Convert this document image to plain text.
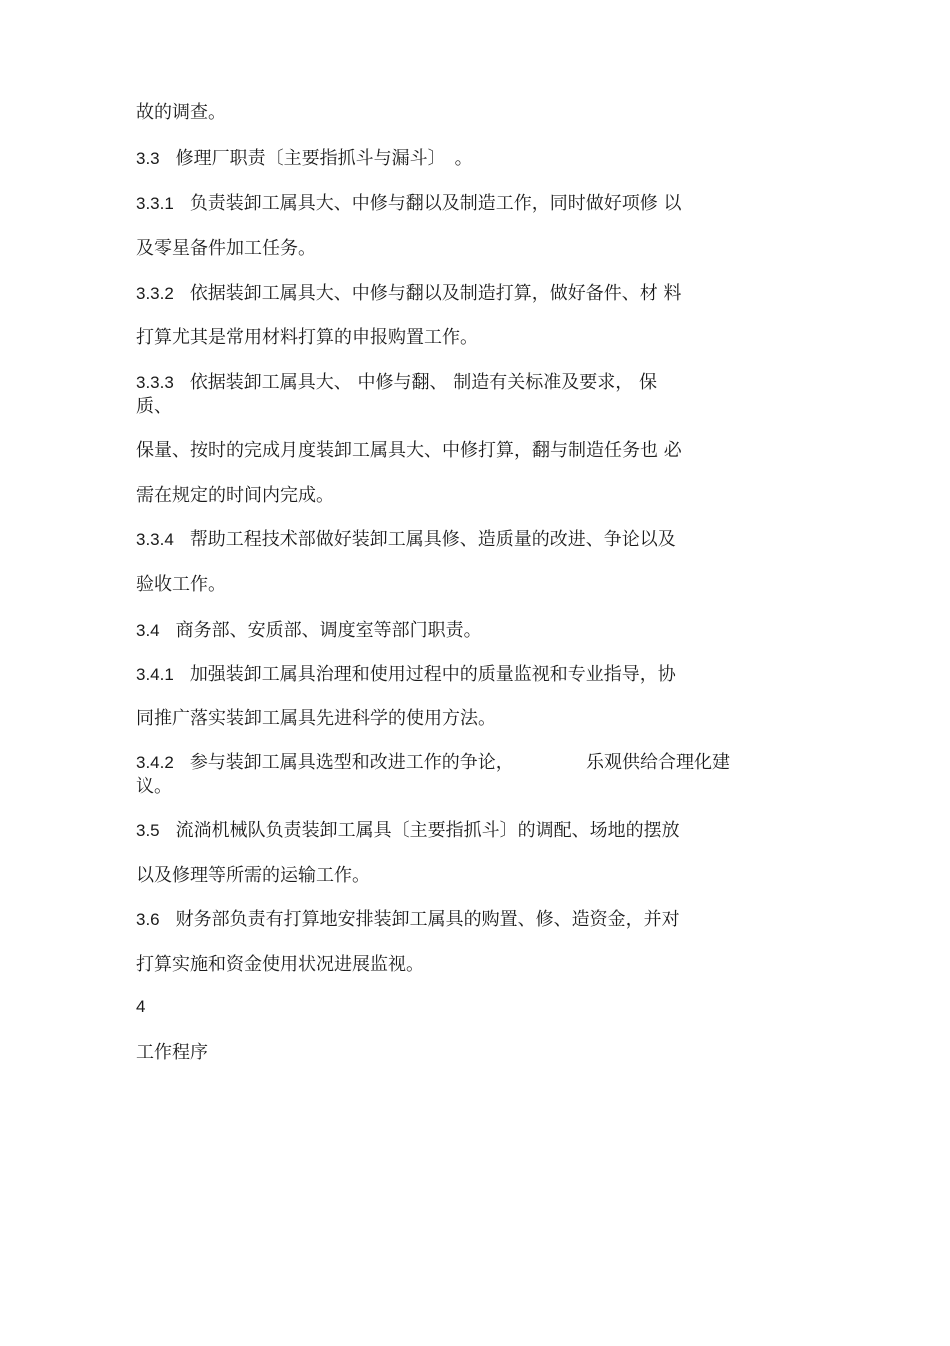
故的调查。
3.3 修理厂职责〔主要指抓斗与漏斗〕　。
3.3.1 负责装卸工属具大、中修与翻以及制造工作，同时做好项修 以
及零星备件加工任务。
3.3.2 依据装卸工属具大、中修与翻以及制造打算，做好备件、材 料
打算尤其是常用材料打算的申报购置工作。
3.3.3 依据装卸工属具大、 中修与翻、 制造有关标准及要求， 保
质、
保量、按时的完成月度装卸工属具大、中修打算，翻与制造任务也 必
需在规定的时间内完成。
3.3.4 帮助工程技术部做好装卸工属具修、造质量的改进、争论以及
验收工作。
3.4 商务部、安质部、调度室等部门职责。
3.4.1 加强装卸工属具治理和使用过程中的质量监视和专业指导，协
同推广落实装卸工属具先进科学的使用方法。
3.4.2 参与装卸工属具选型和改进工作的争论，	乐观供给合理化建
议。
3.5 流淌机械队负责装卸工属具〔主要指抓斗〕的调配、场地的摆放
以及修理等所需的运输工作。
3.6 财务部负责有打算地安排装卸工属具的购置、修、造资金，并对
打算实施和资金使用状况进展监视。
4
工作程序
